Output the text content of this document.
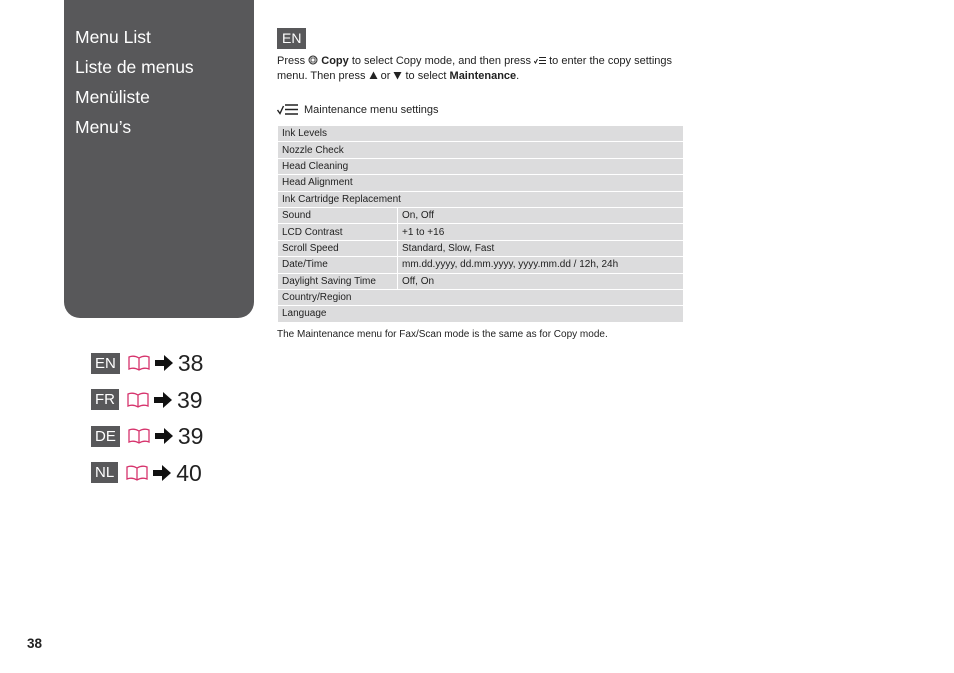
Menu List
Liste de menus
Menüliste
Menu’s
EN	38
FR	39
DE	39
NL	40
EN
Press Copy to select Copy mode, and then press to enter the copy settings menu. Then press or to select Maintenance.
Maintenance menu settings
Ink Levels	
Nozzle Check	
Head Cleaning	
Head Alignment	
Ink Cartridge Replacement	
Sound	On, Off
LCD Contrast	+1 to +16
Scroll Speed	Standard, Slow, Fast
Date/Time	mm.dd.yyyy, dd.mm.yyyy, yyyy.mm.dd / 12h, 24h
Daylight Saving Time	Off, On
Country/Region	
Language	
The Maintenance menu for Fax/Scan mode is the same as for Copy mode.
38
